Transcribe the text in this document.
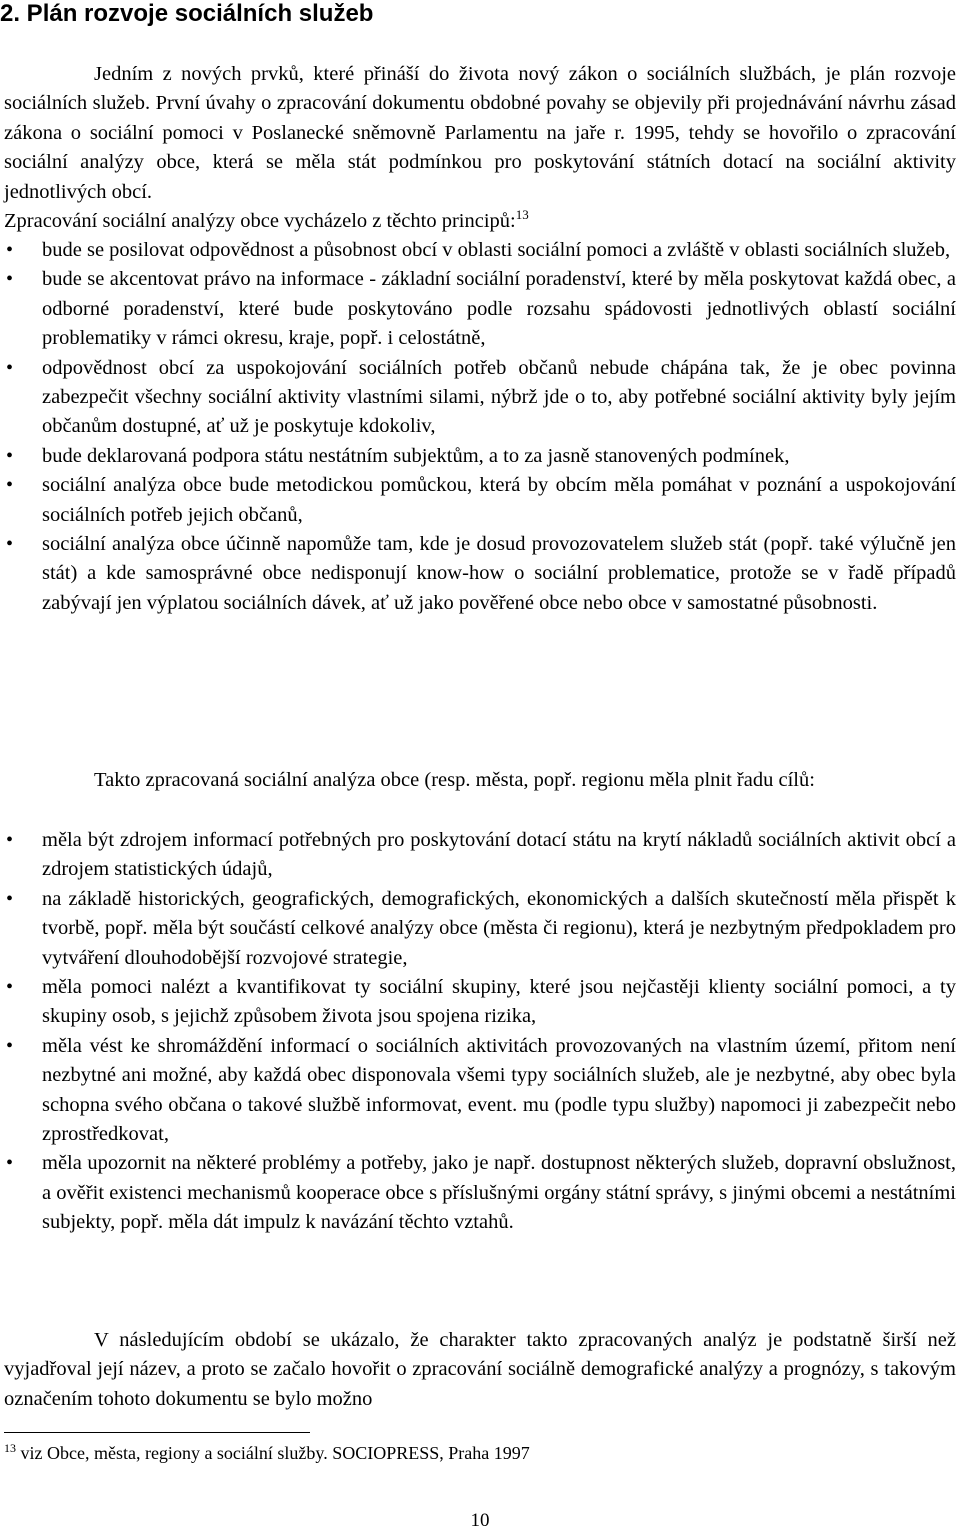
2. Plán rozvoje sociálních služeb

Jedním z nových prvků, které přináší do života nový zákon o sociálních službách, je plán rozvoje sociálních služeb. První úvahy o zpracování dokumentu obdobné povahy se objevily při projednávání návrhu zásad zákona o sociální pomoci v Poslanecké sněmovně Parlamentu na jaře r. 1995, tehdy se hovořilo o zpracování sociální analýzy obce, která se měla stát podmínkou pro poskytování státních dotací na sociální aktivity jednotlivých obcí.

Zpracování sociální analýzy obce vycházelo z těchto principů:$^{13}$

•	bude se posilovat odpovědnost a působnost obcí v oblasti sociální pomoci a zvláště v oblasti sociálních služeb,
•	bude se akcentovat právo na informace - základní sociální poradenství, které by měla poskytovat každá obec, a odborné poradenství, které bude poskytováno podle rozsahu spádovosti jednotlivých oblastí sociální problematiky v rámci okresu, kraje, popř. i celostátně,
•	odpovědnost obcí za uspokojování sociálních potřeb občanů nebude chápána tak, že je obec povinna zabezpečit všechny sociální aktivity vlastními silami, nýbrž jde o to, aby potřebné sociální aktivity byly jejím občanům dostupné, ať už je poskytuje kdokoliv,
•	bude deklarovaná podpora státu nestátním subjektům, a to za jasně stanovených podmínek,
•	sociální analýza obce bude metodickou pomůckou, která by obcím měla pomáhat v poznání a uspokojování sociálních potřeb jejich občanů,
•	sociální analýza obce účinně napomůže tam, kde je dosud provozovatelem služeb stát (popř. také výlučně jen stát) a kde samosprávné obce nedisponují know-how o sociální problematice, protože se v řadě případů zabývají jen výplatou sociálních dávek, ať už jako pověřené obce nebo obce v samostatné působnosti.

Takto zpracovaná sociální analýza obce (resp. města, popř. regionu měla plnit řadu cílů:

•	měla být zdrojem informací potřebných pro poskytování dotací státu na krytí nákladů sociálních aktivit obcí a zdrojem statistických údajů,
•	na základě historických, geografických, demografických, ekonomických a dalších skutečností měla přispět k tvorbě, popř. měla být součástí celkové analýzy obce (města či regionu), která je nezbytným předpokladem pro vytváření dlouhodobější rozvojové strategie,
•	měla pomoci nalézt a kvantifikovat ty sociální skupiny, které jsou nejčastěji klienty sociální pomoci, a ty skupiny osob, s jejichž způsobem života jsou spojena rizika,
•	měla vést ke shromáždění informací o sociálních aktivitách provozovaných na vlastním území, přitom není nezbytné ani možné, aby každá obec disponovala všemi typy sociálních služeb, ale je nezbytné, aby obec byla schopna svého občana o takové službě informovat, event. mu (podle typu služby) napomoci ji zabezpečit nebo zprostředkovat,
•	měla upozornit na některé problémy a potřeby, jako je např. dostupnost některých služeb, dopravní obslužnost, a ověřit existenci mechanismů kooperace obce s příslušnými orgány státní správy, s jinými obcemi a nestátními subjekty, popř. měla dát impulz k navázání těchto vztahů.

V následujícím období se ukázalo, že charakter takto zpracovaných analýz je podstatně širší než vyjadřoval její název, a proto se začalo hovořit o zpracování sociálně demografické analýzy a prognózy, s takovým označením tohoto dokumentu se bylo možno

$^{13}$ viz Obce, města, regiony a sociální služby. SOCIOPRESS, Praha 1997
10
